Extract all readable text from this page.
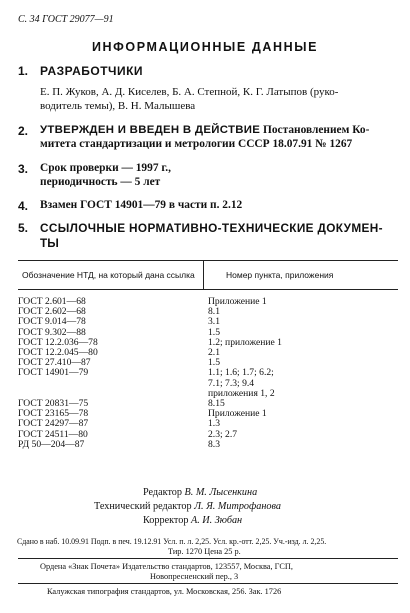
С. 34 ГОСТ 29077—91
ИНФОРМАЦИОННЫЕ ДАННЫЕ
1. РАЗРАБОТЧИКИ
Е. П. Жуков, А. Д. Киселев, Б. А. Степной, К. Г. Латыпов (руко-
водитель темы), В. Н. Малышева
2. УТВЕРЖДЕН И ВВЕДЕН В ДЕЙСТВИЕ Постановлением Ко-
митета стандартизации и метрологии СССР 18.07.91 № 1267
3. Срок проверки — 1997 г.,
периодичность — 5 лет
4. Взамен ГОСТ 14901—79 в части п. 2.12
5. ССЫЛОЧНЫЕ НОРМАТИВНО-ТЕХНИЧЕСКИЕ ДОКУМЕН-
ТЫ
Обозначение НТД, на который дана ссылка	Номер пункта, приложения
ГОСТ 2.601—68
ГОСТ 2.602—68
ГОСТ 9.014—78
ГОСТ 9.302—88
ГОСТ 12.2.036—78
ГОСТ 12.2.045—80
ГОСТ 27.410—87
ГОСТ 14901—79

ГОСТ 20831—75
ГОСТ 23165—78
ГОСТ 24297—87
ГОСТ 24511—80
РД 50—204—87
Приложение 1
8.1
3.1
1.5
1.2; приложение 1
2.1
1.5
1.1; 1.6; 1.7; 6.2;
7.1; 7.3; 9.4
приложения 1, 2
8.15
Приложение 1
1.3
2.3; 2.7
8.3
Редактор В. М. Лысенкина
Технический редактор Л. Я. Митрофанова
Корректор А. И. Зюбан
Сдано в наб. 10.09.91 Подп. в печ. 19.12.91 Усл. п. л. 2,25. Усл. кр.-отт. 2,25. Уч.-изд. л. 2,25.
Тир. 1270 Цена 25 р.
Ордена «Знак Почета» Издательство стандартов, 123557, Москва, ГСП,
Новопресненский пер., 3
Калужская типография стандартов, ул. Московская, 256. Зак. 1726
